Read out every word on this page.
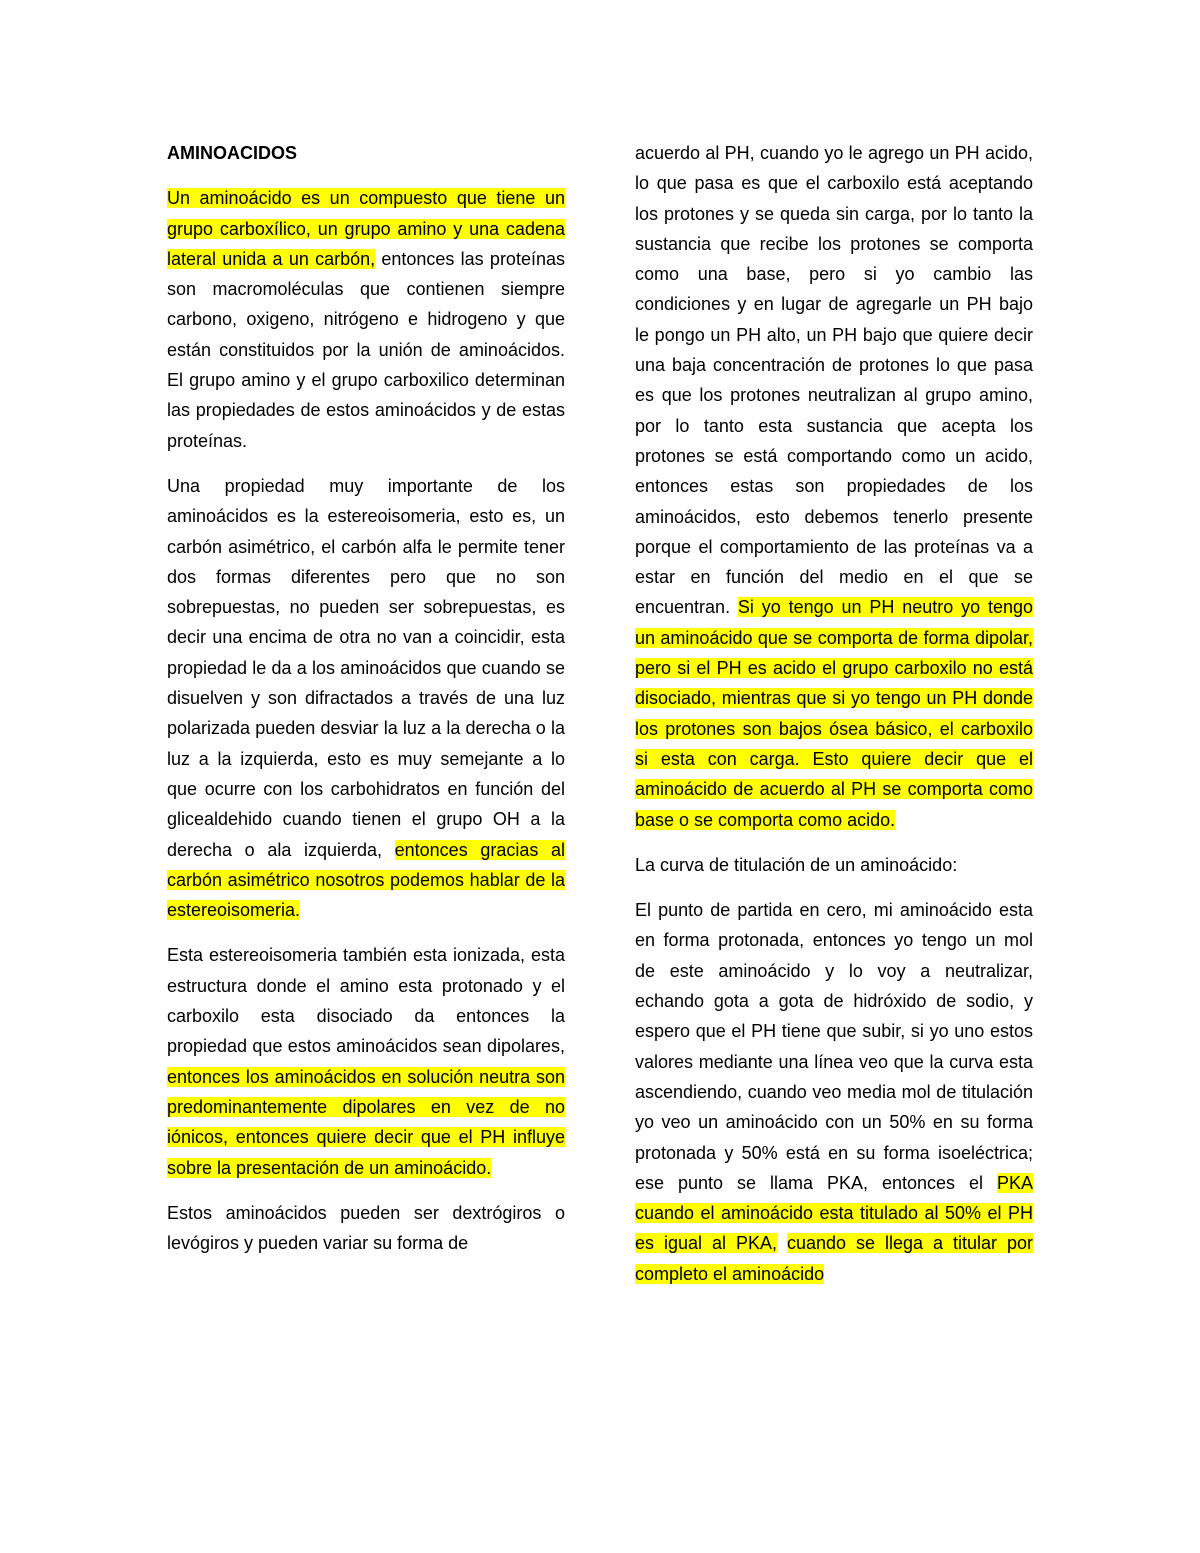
AMINOACIDOS

Un aminoácido es un compuesto que tiene un grupo carboxílico, un grupo amino y una cadena lateral unida a un carbón, entonces las proteínas son macromoléculas que contienen siempre carbono, oxigeno, nitrógeno e hidrogeno y que están constituidos por la unión de aminoácidos. El grupo amino y el grupo carboxilico determinan las propiedades de estos aminoácidos y de estas proteínas.

Una propiedad muy importante de los aminoácidos es la estereoisomeria, esto es, un carbón asimétrico, el carbón alfa le permite tener dos formas diferentes pero que no son sobrepuestas, no pueden ser sobrepuestas, es decir una encima de otra no van a coincidir, esta propiedad le da a los aminoácidos que cuando se disuelven y son difractados a través de una luz polarizada pueden desviar la luz a la derecha o la luz a la izquierda, esto es muy semejante a lo que ocurre con los carbohidratos en función del glicealdehido cuando tienen el grupo OH a la derecha o ala izquierda, entonces gracias al carbón asimétrico nosotros podemos hablar de la estereoisomeria.

Esta estereoisomeria también esta ionizada, esta estructura donde el amino esta protonado y el carboxilo esta disociado da entonces la propiedad que estos aminoácidos sean dipolares, entonces los aminoácidos en solución neutra son predominantemente dipolares en vez de no iónicos, entonces quiere decir que el PH influye sobre la presentación de un aminoácido.

Estos aminoácidos pueden ser dextrógiros o levógiros y pueden variar su forma de

acuerdo al PH, cuando yo le agrego un PH acido, lo que pasa es que el carboxilo está aceptando los protones y se queda sin carga, por lo tanto la sustancia que recibe los protones se comporta como una base, pero si yo cambio las condiciones y en lugar de agregarle un PH bajo le pongo un PH alto, un PH bajo que quiere decir una baja concentración de protones lo que pasa es que los protones neutralizan al grupo amino, por lo tanto esta sustancia que acepta los protones se está comportando como un acido, entonces estas son propiedades de los aminoácidos, esto debemos tenerlo presente porque el comportamiento de las proteínas va a estar en función del medio en el que se encuentran. Si yo tengo un PH neutro yo tengo un aminoácido que se comporta de forma dipolar, pero si el PH es acido el grupo carboxilo no está disociado, mientras que si yo tengo un PH donde los protones son bajos ósea básico, el carboxilo si esta con carga. Esto quiere decir que el aminoácido de acuerdo al PH se comporta como base o se comporta como acido.

La curva de titulación de un aminoácido:

El punto de partida en cero, mi aminoácido esta en forma protonada, entonces yo tengo un mol de este aminoácido y lo voy a neutralizar, echando gota a gota de hidróxido de sodio, y espero que el PH tiene que subir, si yo uno estos valores mediante una línea veo que la curva esta ascendiendo, cuando veo media mol de titulación yo veo un aminoácido con un 50% en su forma protonada y 50% está en su forma isoeléctrica; ese punto se llama PKA, entonces el PKA cuando el aminoácido esta titulado al 50% el PH es igual al PKA, cuando se llega a titular por completo el aminoácido
